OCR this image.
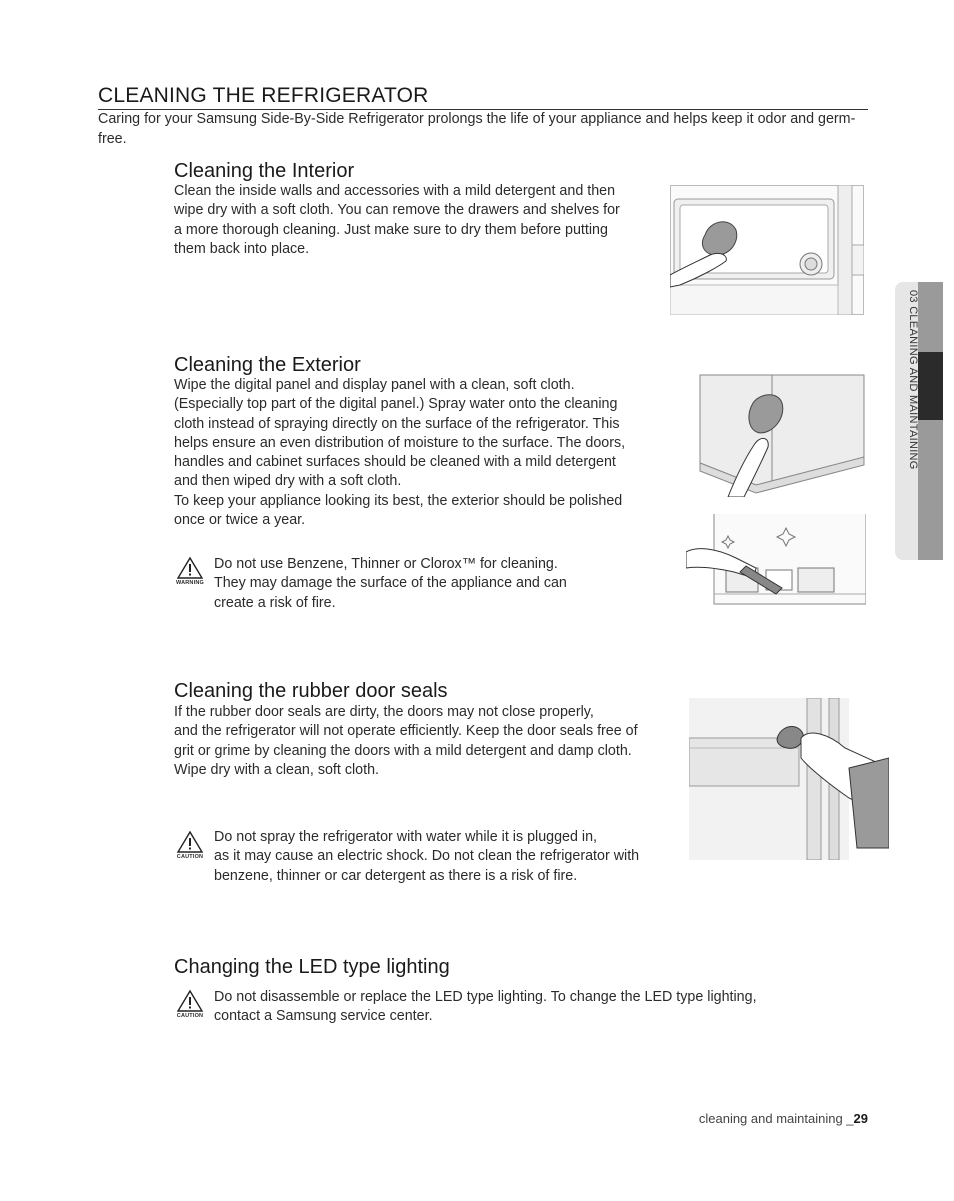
CLEANING THE REFRIGERATOR
Caring for your Samsung Side-By-Side Refrigerator prolongs the life of your appliance and helps keep it odor and germ-free.
Cleaning the Interior

Clean the inside walls and accessories with a mild detergent and then

wipe dry with a soft cloth. You can remove the drawers and shelves for

a more thorough cleaning. Just make sure to dry them before putting

them back into place.

Cleaning the Exterior

Wipe the digital panel and display panel with a clean, soft cloth.

(Especially top part of the digital panel.) Spray water onto the cleaning

cloth instead of spraying directly on the surface of the refrigerator. This

helps ensure an even distribution of moisture to the surface. The doors,

handles and cabinet surfaces should be cleaned with a mild detergent

and then wiped dry with a soft cloth.

To keep your appliance looking its best, the exterior should be polished

once or twice a year.

WARNING

Do not use Benzene, Thinner or Clorox™ for cleaning.

They may damage the surface of the appliance and can

create a risk of fire.

Cleaning the rubber door seals

If the rubber door seals are dirty, the doors may not close properly,

and the refrigerator will not operate efficiently. Keep the door seals free of

grit or grime by cleaning the doors with a mild detergent and damp cloth.

Wipe dry with a clean, soft cloth.

CAUTION

Do not spray the refrigerator with water while it is plugged in,

as it may cause an electric shock. Do not clean the refrigerator with

benzene, thinner or car detergent as there is a risk of fire.

Changing the LED type lighting
CAUTION

Do not disassemble or replace the LED type lighting. To change the LED type lighting,

contact a Samsung service center.

03 CLEANING AND MAINTAINING
cleaning and maintaining _29
